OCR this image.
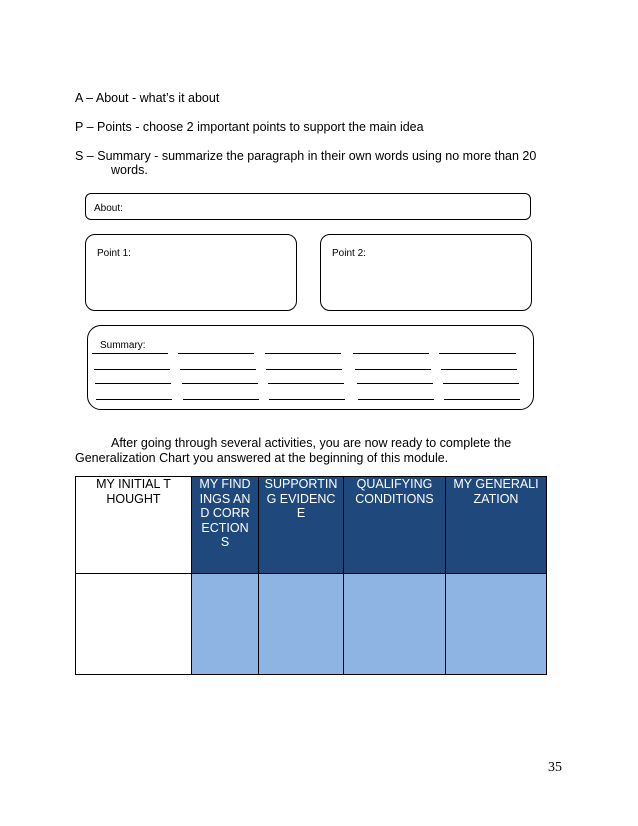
A – About - what’s it about
P – Points - choose 2 important points to support the main idea
S – Summary - summarize the paragraph in their own words using no more than 20
words.
About:
Point 1:	Point 2:
Summary:
After going through several activities, you are now ready to complete the
Generalization Chart you answered at the beginning of this module.
MY INITIAL THOUGHT	MY FINDINGS AND CORRECTIONS	SUPPORTING EVIDENCE	QUALIFYING CONDITIONS	MY GENERALIZATION

35
